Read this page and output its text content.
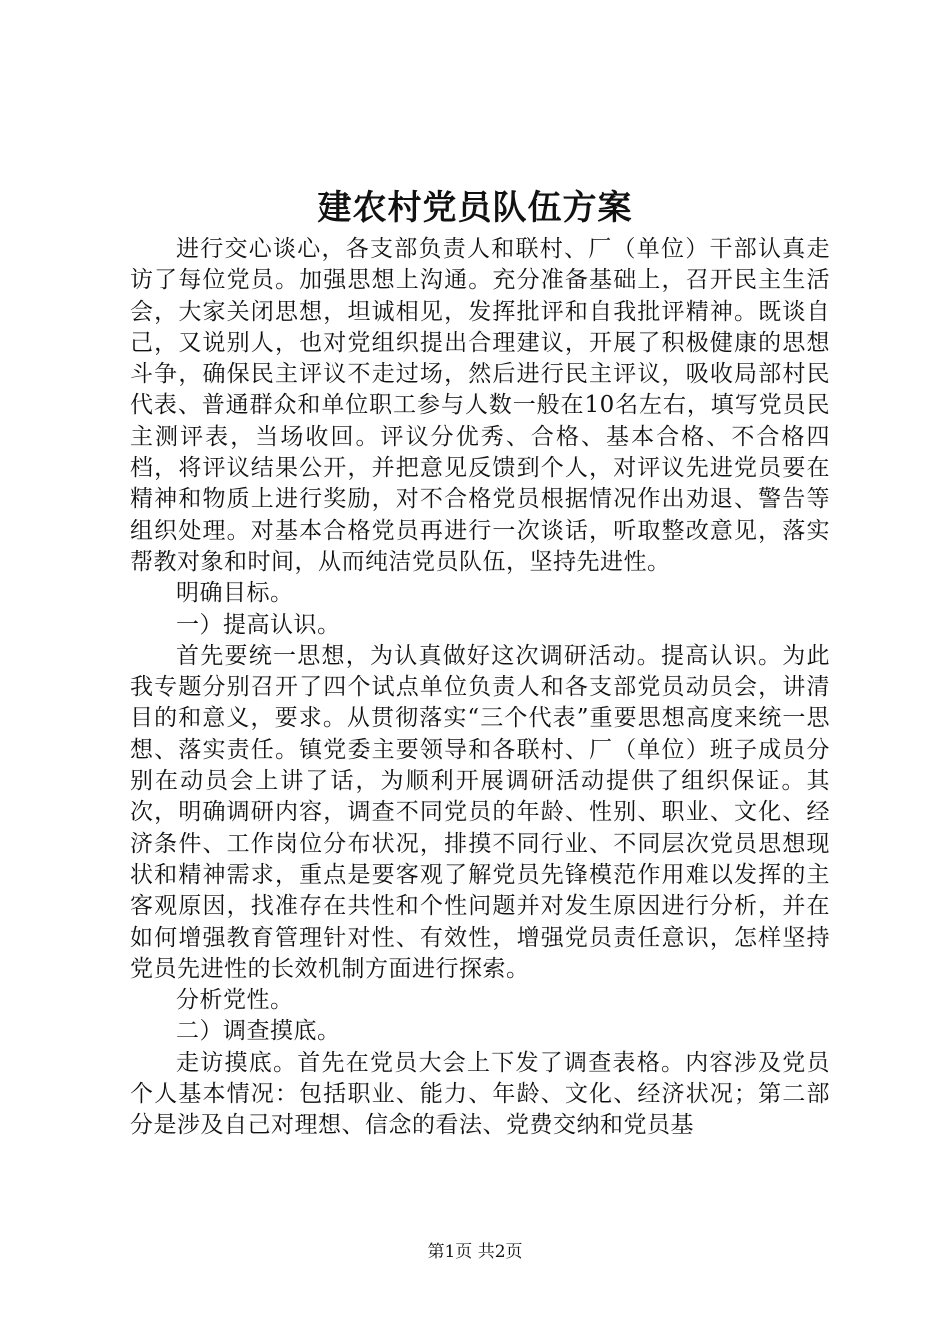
建农村党员队伍方案

进行交心谈心，各支部负责人和联村、厂（单位）干部认真走访了每位党员。加强思想上沟通。充分准备基础上，召开民主生活会，大家关闭思想，坦诚相见，发挥批评和自我批评精神。既谈自己，又说别人，也对党组织提出合理建议，开展了积极健康的思想斗争，确保民主评议不走过场，然后进行民主评议，吸收局部村民代表、普通群众和单位职工参与人数一般在10名左右，填写党员民主测评表，当场收回。评议分优秀、合格、基本合格、不合格四档，将评议结果公开，并把意见反馈到个人，对评议先进党员要在精神和物质上进行奖励，对不合格党员根据情况作出劝退、警告等组织处理。对基本合格党员再进行一次谈话，听取整改意见，落实帮教对象和时间，从而纯洁党员队伍，坚持先进性。

明确目标。

一）提高认识。

首先要统一思想，为认真做好这次调研活动。提高认识。为此我专题分别召开了四个试点单位负责人和各支部党员动员会，讲清目的和意义，要求。从贯彻落实“三个代表”重要思想高度来统一思想、落实责任。镇党委主要领导和各联村、厂（单位）班子成员分别在动员会上讲了话，为顺利开展调研活动提供了组织保证。其次，明确调研内容，调查不同党员的年龄、性别、职业、文化、经济条件、工作岗位分布状况，排摸不同行业、不同层次党员思想现状和精神需求，重点是要客观了解党员先锋模范作用难以发挥的主客观原因，找准存在共性和个性问题并对发生原因进行分析，并在如何增强教育管理针对性、有效性，增强党员责任意识，怎样坚持党员先进性的长效机制方面进行探索。

分析党性。

二）调查摸底。

走访摸底。首先在党员大会上下发了调查表格。内容涉及党员个人基本情况：包括职业、能力、年龄、文化、经济状况；第二部分是涉及自己对理想、信念的看法、党费交纳和党员基

第1页 共2页
